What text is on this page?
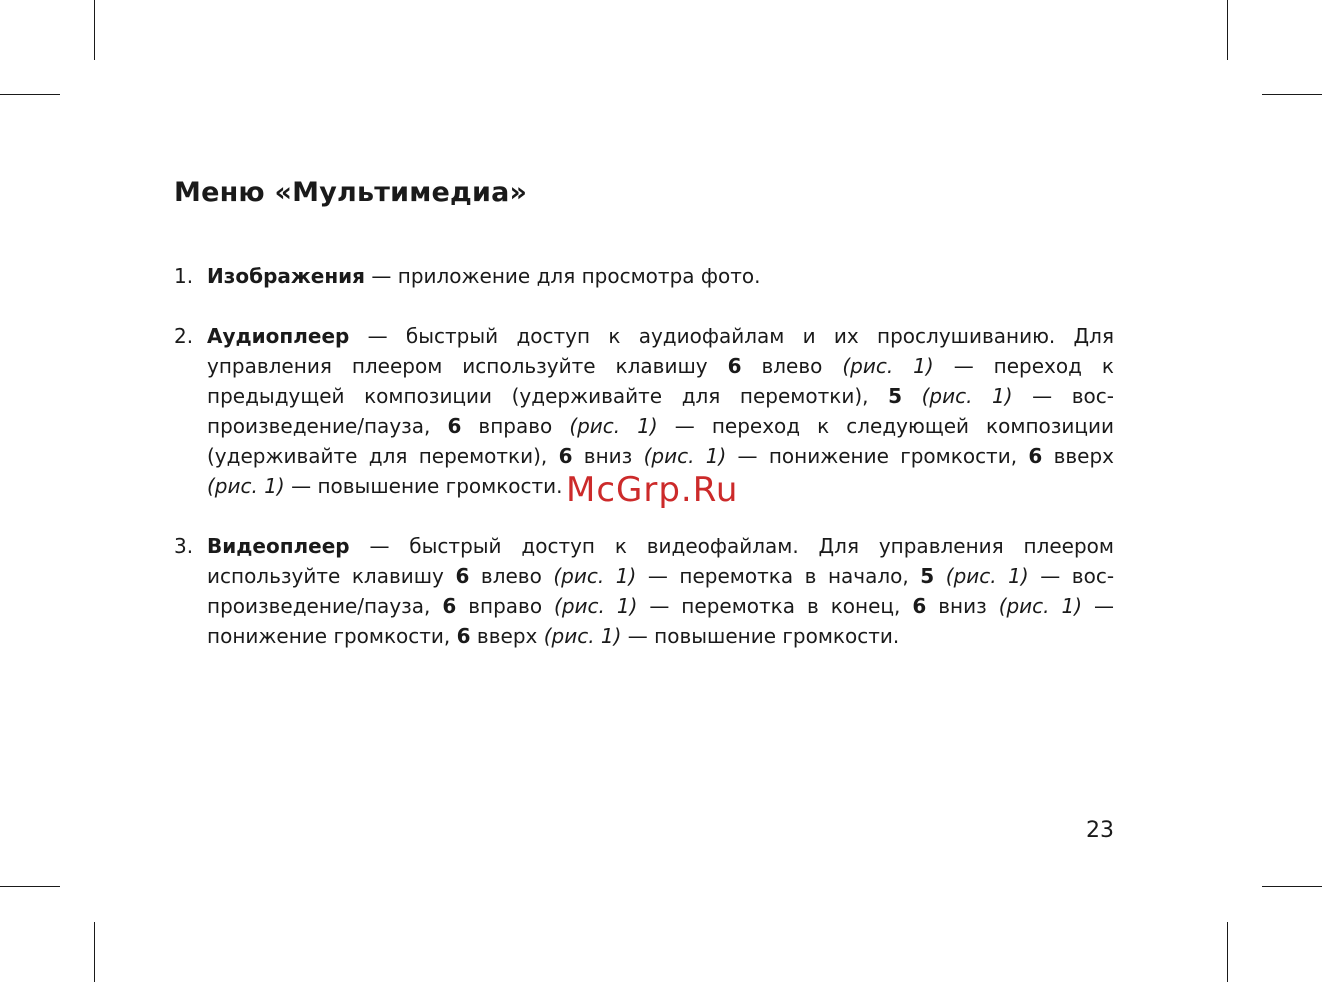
Меню «Мультимедиа»
1. Изображения — приложение для просмотра фото.
2. Аудиоплеер — быстрый доступ к аудиофайлам и их прослушиванию. Для управления плеером используйте клавишу 6 влево (рис. 1) — переход к предыдущей композиции (удерживайте для перемотки), 5 (рис. 1) — воспроизведение/пауза, 6 вправо (рис. 1) — переход к следующей композиции (удерживайте для перемотки), 6 вниз (рис. 1) — понижение громкости, 6 вверх (рис. 1) — повышение громкости.
3. Видеоплеер — быстрый доступ к видеофайлам. Для управления плеером используйте клавишу 6 влево (рис. 1) — перемотка в начало, 5 (рис. 1) — воспроизведение/пауза, 6 вправо (рис. 1) — перемотка в конец, 6 вниз (рис. 1) — понижение громкости, 6 вверх (рис. 1) — повышение громкости.
McGrp.Ru
23
